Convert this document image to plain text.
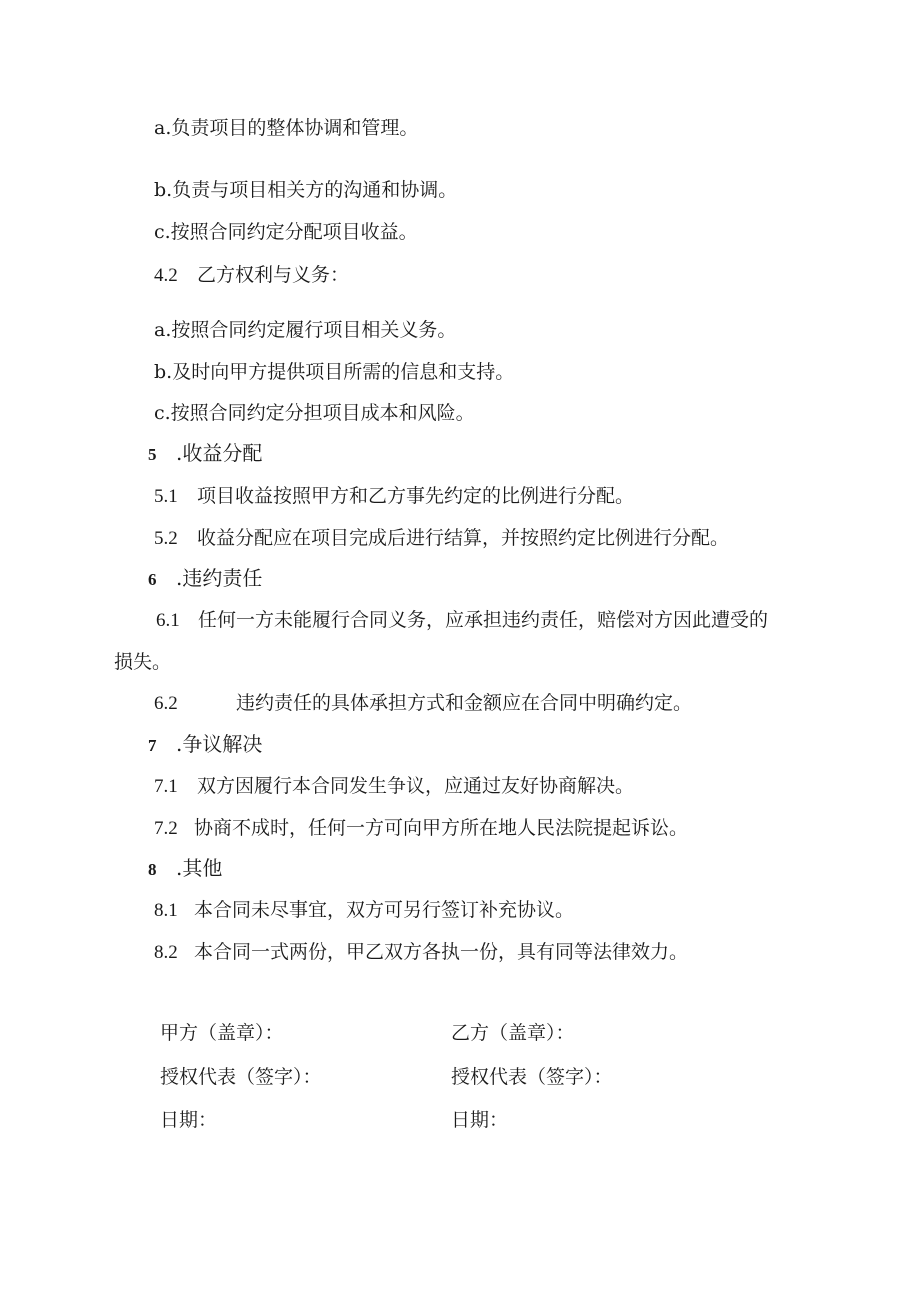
a.负责项目的整体协调和管理。
b.负责与项目相关方的沟通和协调。
c.按照合同约定分配项目收益。
4.2 乙方权利与义务：
a.按照合同约定履行项目相关义务。
b.及时向甲方提供项目所需的信息和支持。
c.按照合同约定分担项目成本和风险。
5 .收益分配
5.1 项目收益按照甲方和乙方事先约定的比例进行分配。
5.2 收益分配应在项目完成后进行结算，并按照约定比例进行分配。
6 .违约责任
6.1 任何一方未能履行合同义务，应承担违约责任，赔偿对方因此遭受的
损失。
6.2	违约责任的具体承担方式和金额应在合同中明确约定。
7 .争议解决
7.1 双方因履行本合同发生争议，应通过友好协商解决。
7.2 协商不成时，任何一方可向甲方所在地人民法院提起诉讼。
8 .其他
8.1 本合同未尽事宜，双方可另行签订补充协议。
8.2 本合同一式两份，甲乙双方各执一份，具有同等法律效力。
甲方（盖章）：
授权代表（签字）：
日期：
乙方（盖章）：
授权代表（签字）：
日期：
